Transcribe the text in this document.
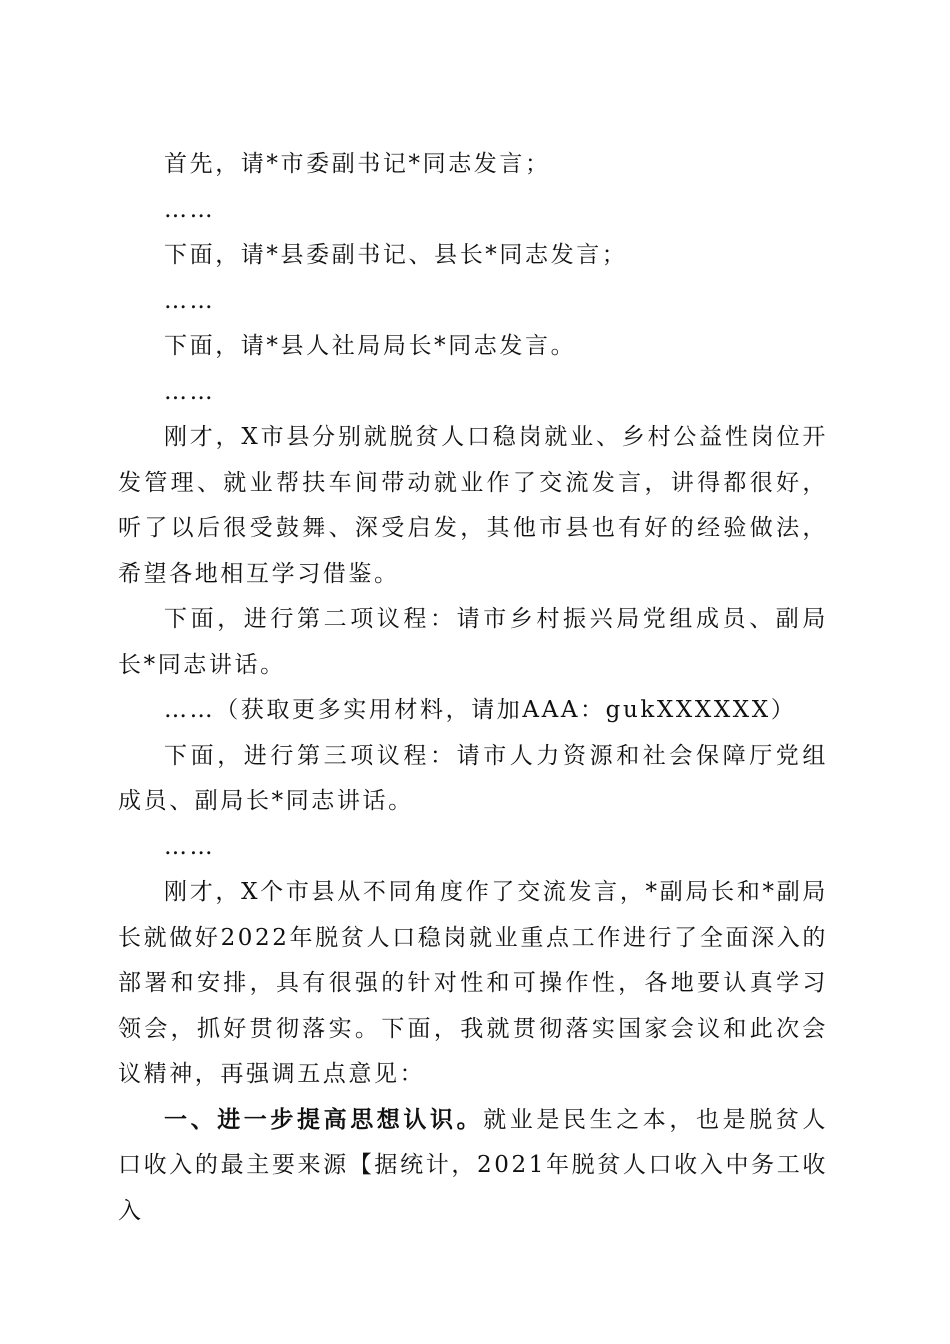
首先，请*市委副书记*同志发言；

……

下面，请*县委副书记、县长*同志发言；

……

下面，请*县人社局局长*同志发言。

……

刚才，X市县分别就脱贫人口稳岗就业、乡村公益性岗位开发管理、就业帮扶车间带动就业作了交流发言，讲得都很好，听了以后很受鼓舞、深受启发，其他市县也有好的经验做法，希望各地相互学习借鉴。

下面，进行第二项议程：请市乡村振兴局党组成员、副局长*同志讲话。

……（获取更多实用材料，请加AAA：gukXXXXXX）

下面，进行第三项议程：请市人力资源和社会保障厅党组成员、副局长*同志讲话。

……

刚才，X个市县从不同角度作了交流发言，*副局长和*副局长就做好2022年脱贫人口稳岗就业重点工作进行了全面深入的部署和安排，具有很强的针对性和可操作性，各地要认真学习领会，抓好贯彻落实。下面，我就贯彻落实国家会议和此次会议精神，再强调五点意见：

一、进一步提高思想认识。就业是民生之本，也是脱贫人口收入的最主要来源【据统计，2021年脱贫人口收入中务工收入
